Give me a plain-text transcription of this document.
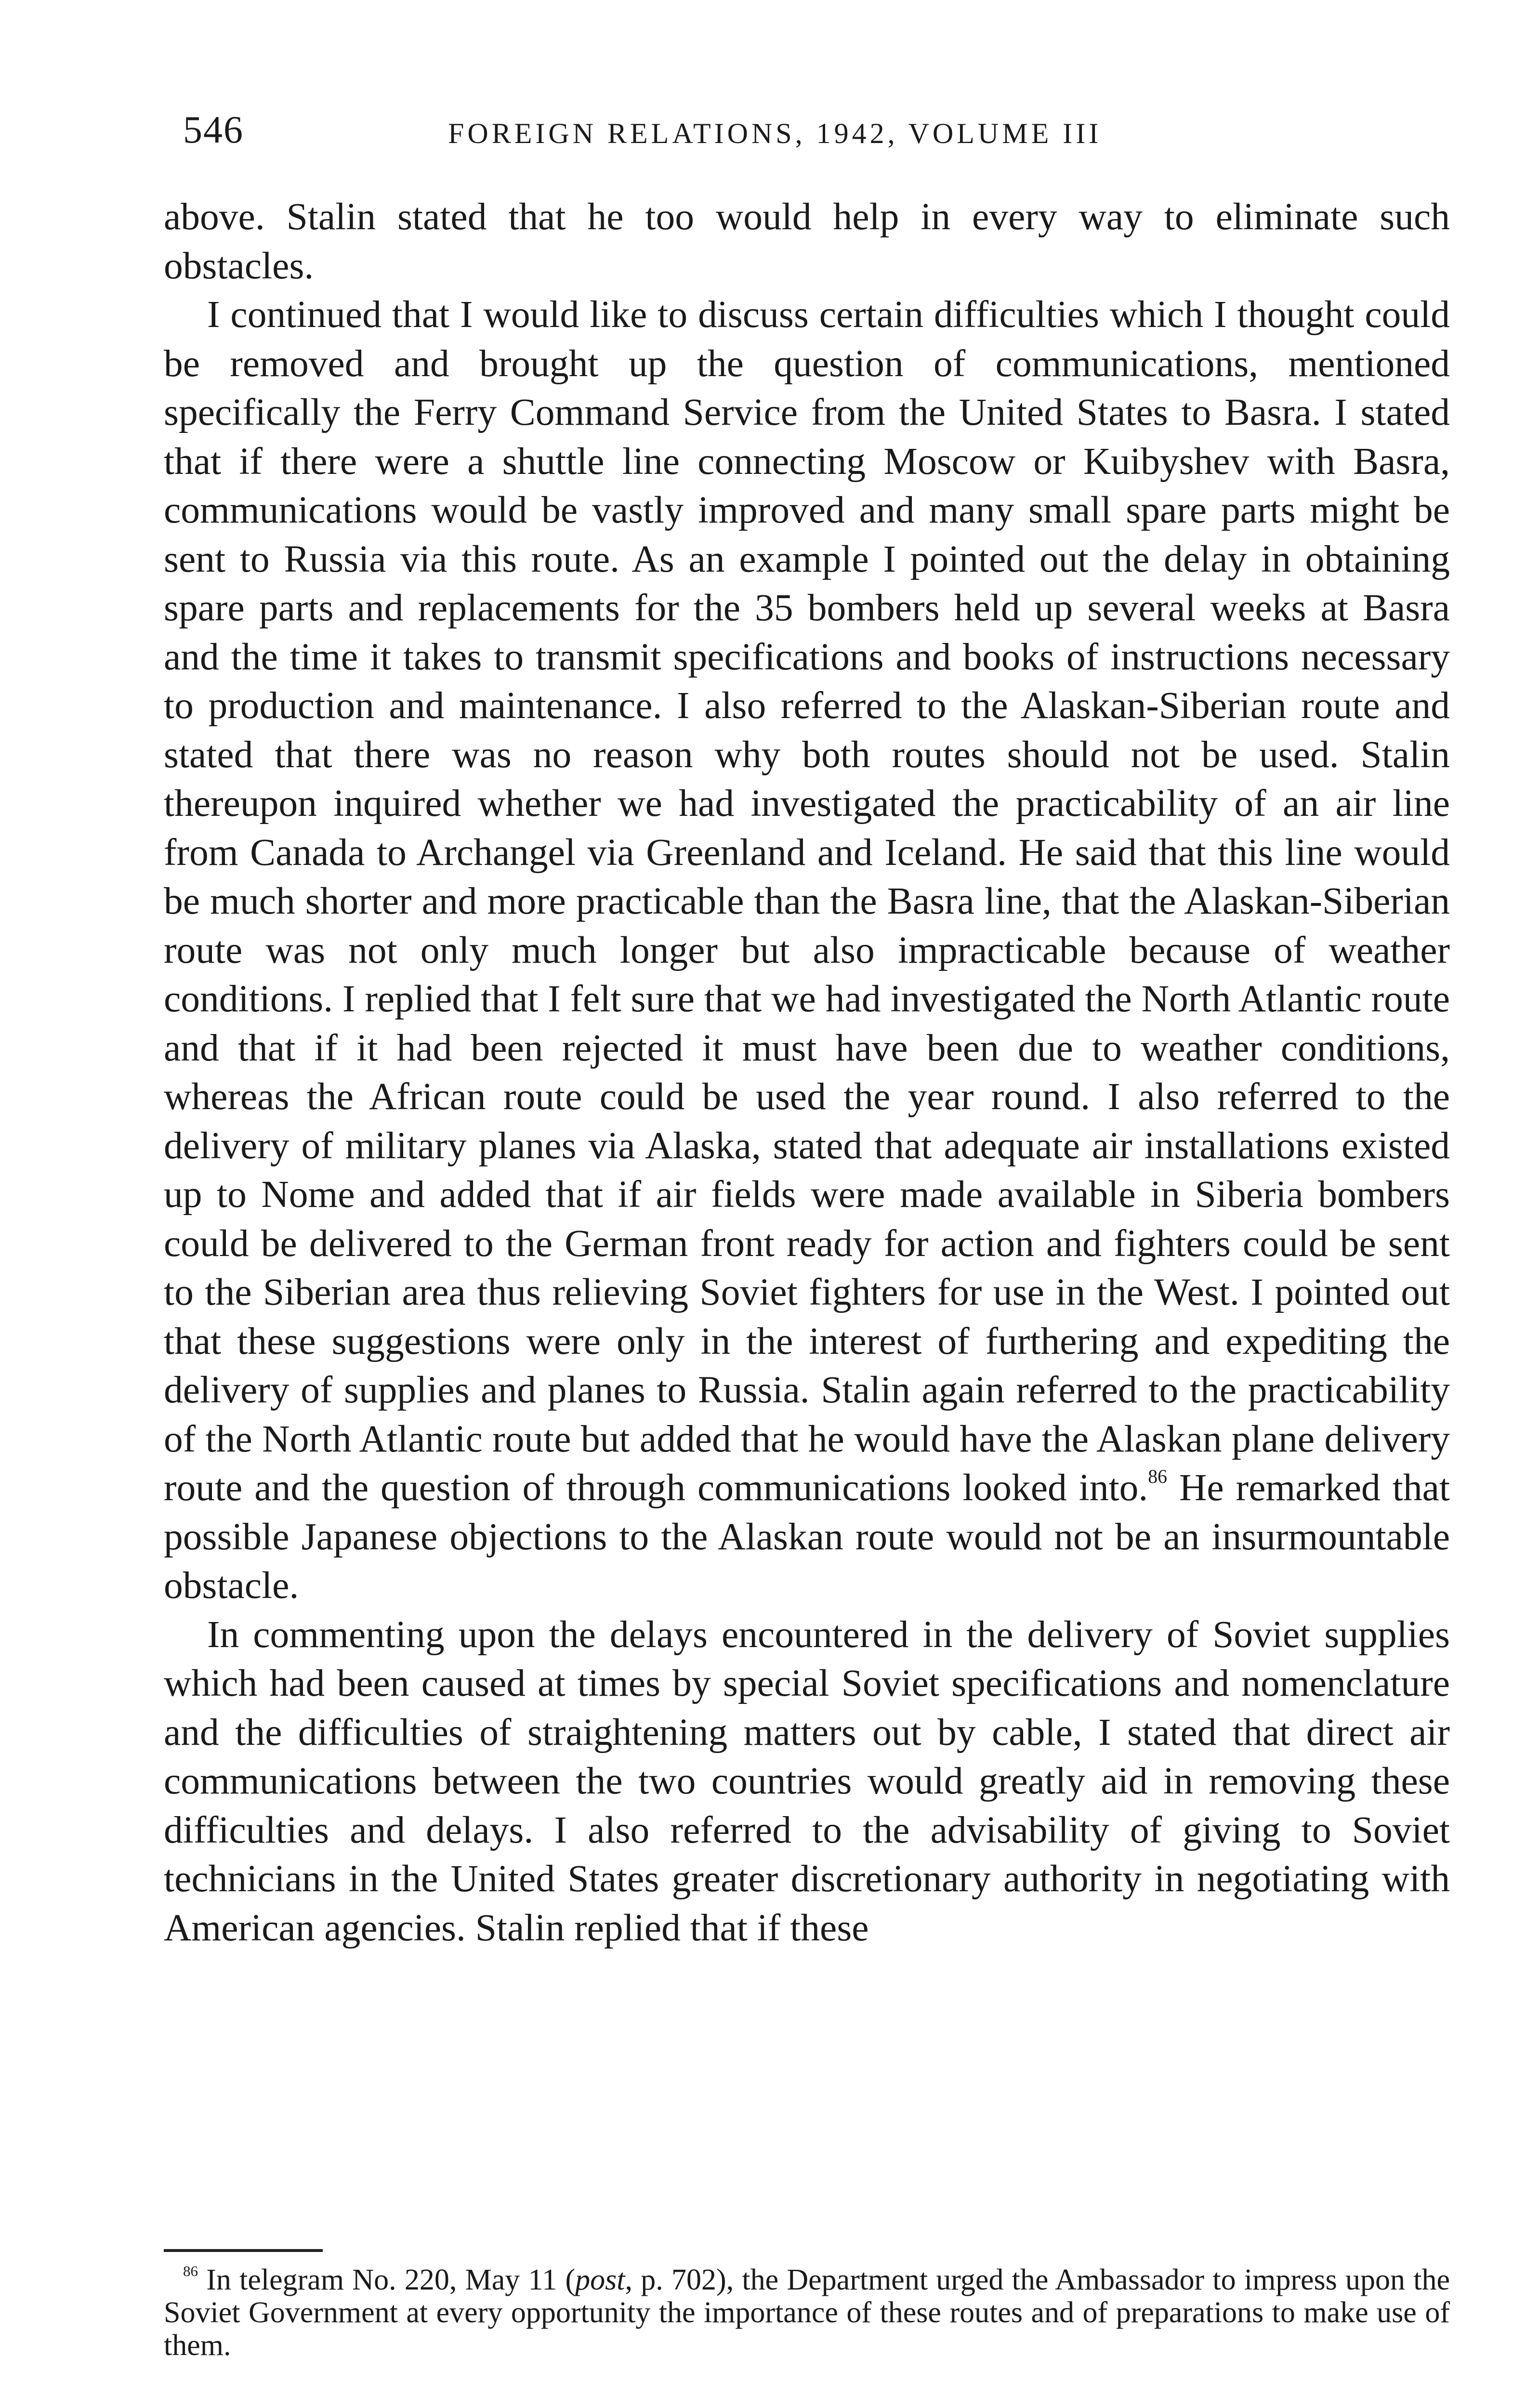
546	FOREIGN RELATIONS, 1942, VOLUME III

above. Stalin stated that he too would help in every way to eliminate such obstacles.

I continued that I would like to discuss certain difficulties which I thought could be removed and brought up the question of communications, mentioned specifically the Ferry Command Service from the United States to Basra. I stated that if there were a shuttle line connecting Moscow or Kuibyshev with Basra, communications would be vastly improved and many small spare parts might be sent to Russia via this route. As an example I pointed out the delay in obtaining spare parts and replacements for the 35 bombers held up several weeks at Basra and the time it takes to transmit specifications and books of instructions necessary to production and maintenance. I also referred to the Alaskan-Siberian route and stated that there was no reason why both routes should not be used. Stalin thereupon inquired whether we had investigated the practicability of an air line from Canada to Archangel via Greenland and Iceland. He said that this line would be much shorter and more practicable than the Basra line, that the Alaskan-Siberian route was not only much longer but also impracticable because of weather conditions. I replied that I felt sure that we had investigated the North Atlantic route and that if it had been rejected it must have been due to weather conditions, whereas the African route could be used the year round. I also referred to the delivery of military planes via Alaska, stated that adequate air installations existed up to Nome and added that if air fields were made available in Siberia bombers could be delivered to the German front ready for action and fighters could be sent to the Siberian area thus relieving Soviet fighters for use in the West. I pointed out that these suggestions were only in the interest of furthering and expediting the delivery of supplies and planes to Russia. Stalin again referred to the practicability of the North Atlantic route but added that he would have the Alaskan plane delivery route and the question of through communications looked into.$^{86}$ He remarked that possible Japanese objections to the Alaskan route would not be an insurmountable obstacle.

In commenting upon the delays encountered in the delivery of Soviet supplies which had been caused at times by special Soviet specifications and nomenclature and the difficulties of straightening matters out by cable, I stated that direct air communications between the two countries would greatly aid in removing these difficulties and delays. I also referred to the advisability of giving to Soviet technicians in the United States greater discretionary authority in negotiating with American agencies. Stalin replied that if these

$^{86}$ In telegram No. 220, May 11 (post, p. 702), the Department urged the Ambassador to impress upon the Soviet Government at every opportunity the importance of these routes and of preparations to make use of them.
